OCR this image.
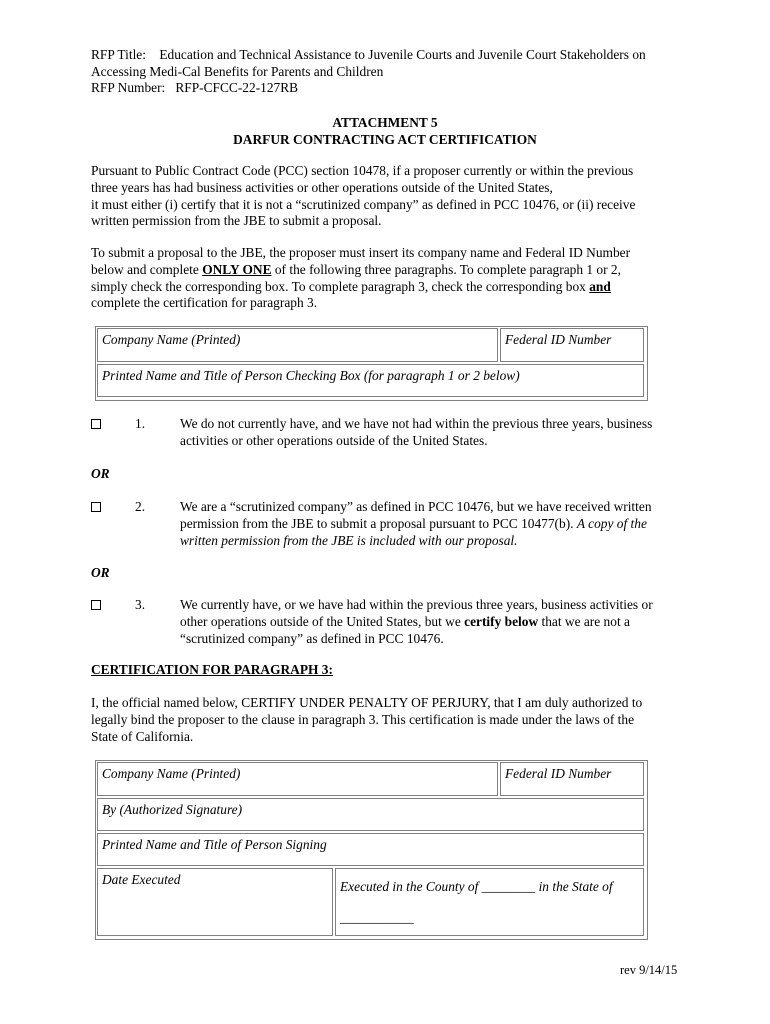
RFP Title:    Education and Technical Assistance to Juvenile Courts and Juvenile Court Stakeholders on
Accessing Medi-Cal Benefits for Parents and Children
RFP Number:   RFP-CFCC-22-127RB
ATTACHMENT 5
DARFUR CONTRACTING ACT CERTIFICATION
Pursuant to Public Contract Code (PCC) section 10478, if a proposer currently or within the previous
three years has had business activities or other operations outside of the United States,
it must either (i) certify that it is not a “scrutinized company” as defined in PCC 10476, or (ii) receive
written permission from the JBE to submit a proposal.
To submit a proposal to the JBE, the proposer must insert its company name and Federal ID Number
below and complete ONLY ONE of the following three paragraphs. To complete paragraph 1 or 2,
simply check the corresponding box. To complete paragraph 3, check the corresponding box and
complete the certification for paragraph 3.
Company Name (Printed)	Federal ID Number
Printed Name and Title of Person Checking Box (for paragraph 1 or 2 below)
1.	We do not currently have, and we have not had within the previous three years, business
activities or other operations outside of the United States.
OR
2.	We are a “scrutinized company” as defined in PCC 10476, but we have received written
permission from the JBE to submit a proposal pursuant to PCC 10477(b). A copy of the
written permission from the JBE is included with our proposal.
OR
3.	We currently have, or we have had within the previous three years, business activities or
other operations outside of the United States, but we certify below that we are not a
“scrutinized company” as defined in PCC 10476.
CERTIFICATION FOR PARAGRAPH 3:
I, the official named below, CERTIFY UNDER PENALTY OF PERJURY, that I am duly authorized to
legally bind the proposer to the clause in paragraph 3. This certification is made under the laws of the
State of California.
Company Name (Printed)	Federal ID Number
By (Authorized Signature)
Printed Name and Title of Person Signing
Date Executed	Executed in the County of ________ in the State of
___________
rev 9/14/15
